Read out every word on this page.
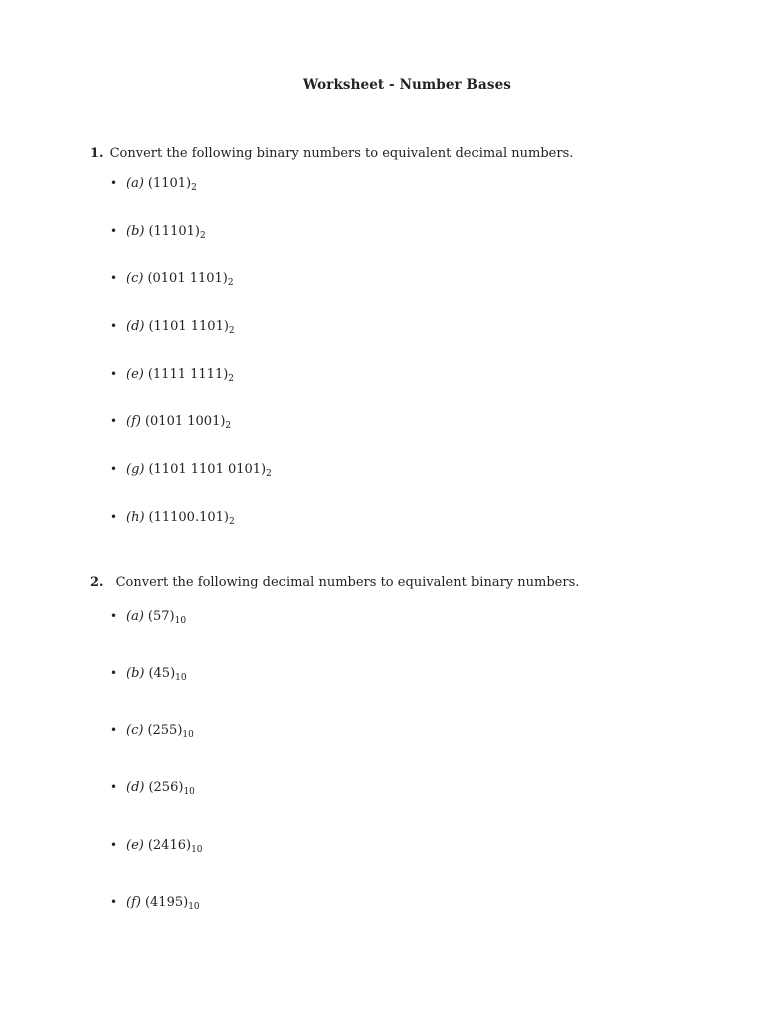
Worksheet - Number Bases
1. Convert the following binary numbers to equivalent decimal numbers.
• (a) $(1101)_2$
• (b) $(11101)_2$
• (c) (0101 $1101)_2$
• (d) (1101 $1101)_2$
• (e) (1111 $1111)_2$
• (f) (0101 $1001)_2$
• (g) (1101 1101 $0101)_2$
• (h) $(11100.101)_2$
2. Convert the following decimal numbers to equivalent binary numbers.
• (a) $(57)_{10}$
• (b) $(45)_{10}$
• (c) $(255)_{10}$
• (d) $(256)_{10}$
• (e) $(2416)_{10}$
• (f) $(4195)_{10}$
